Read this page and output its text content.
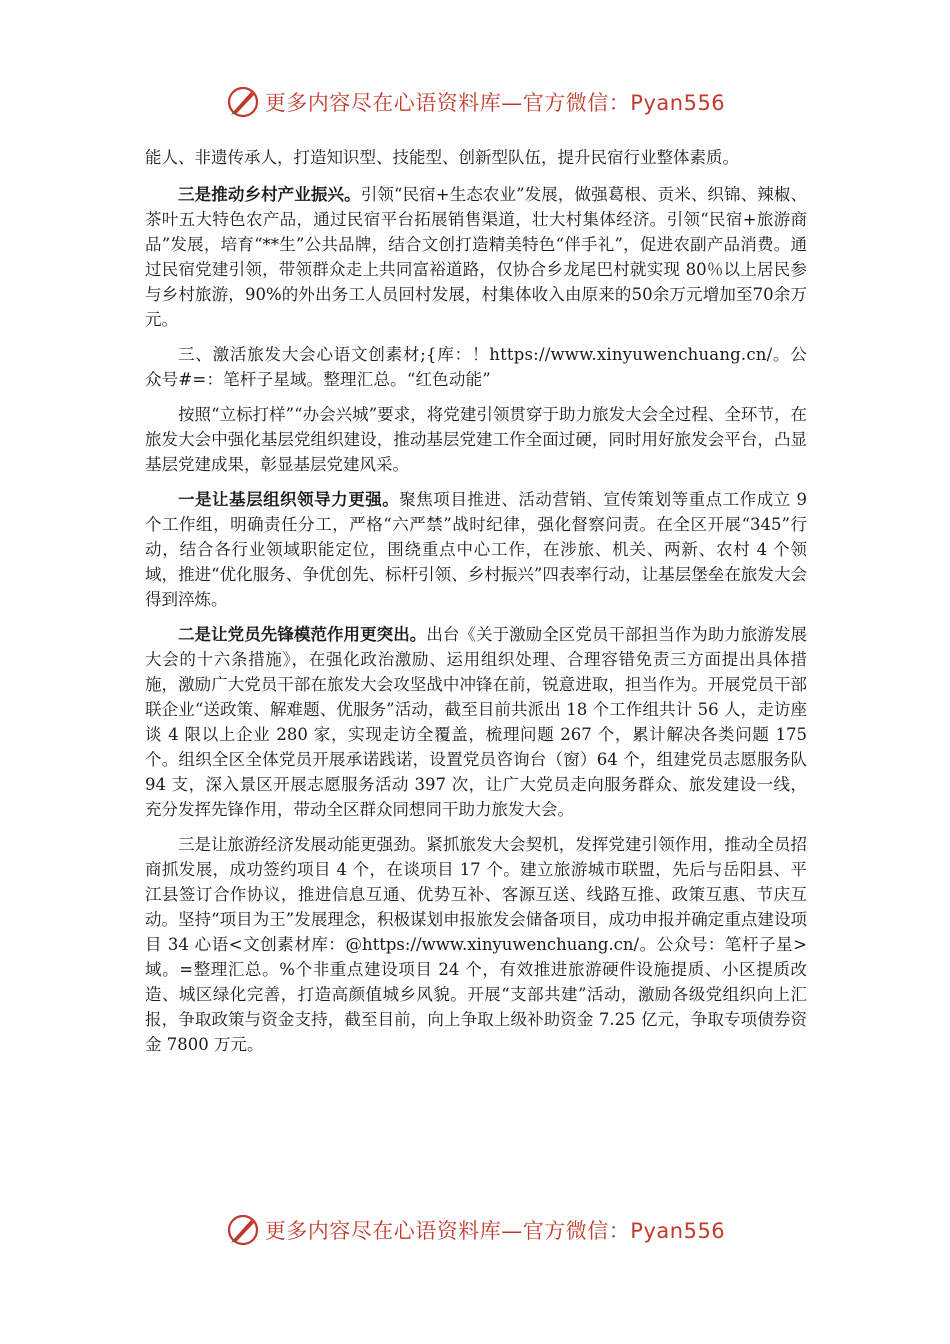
更多内容尽在心语资料库—官方微信：Pyan556

能人、非遗传承人，打造知识型、技能型、创新型队伍，提升民宿行业整体素质。

三是推动乡村产业振兴。引领“民宿+生态农业”发展，做强葛根、贡米、织锦、辣椒、茶叶五大特色农产品，通过民宿平台拓展销售渠道，壮大村集体经济。引领“民宿+旅游商品”发展，培育“**生”公共品牌，结合文创打造精美特色“伴手礼”，促进农副产品消费。通过民宿党建引领，带领群众走上共同富裕道路，仅协合乡龙尾巴村就实现 80％以上居民参与乡村旅游，90%的外出务工人员回村发展，村集体收入由原来的50余万元增加至70余万元。

三、激活旅发大会心语文创素材;{库：！https://www.xinyuwenchuang.cn/。公众号#=：笔杆子星域。整理汇总。“红色动能”

按照“立标打样”“办会兴城”要求，将党建引领贯穿于助力旅发大会全过程、全环节，在旅发大会中强化基层党组织建设，推动基层党建工作全面过硬，同时用好旅发会平台，凸显基层党建成果，彰显基层党建风采。

一是让基层组织领导力更强。聚焦项目推进、活动营销、宣传策划等重点工作成立 9 个工作组，明确责任分工，严格“六严禁”战时纪律，强化督察问责。在全区开展“345”行动，结合各行业领域职能定位，围绕重点中心工作，在涉旅、机关、两新、农村 4 个领域，推进“优化服务、争优创先、标杆引领、乡村振兴”四表率行动，让基层堡垒在旅发大会得到淬炼。

二是让党员先锋模范作用更突出。出台《关于激励全区党员干部担当作为助力旅游发展大会的十六条措施》，在强化政治激励、运用组织处理、合理容错免责三方面提出具体措施，激励广大党员干部在旅发大会攻坚战中冲锋在前，锐意进取，担当作为。开展党员干部联企业“送政策、解难题、优服务”活动，截至目前共派出 18 个工作组共计 56 人，走访座谈 4 限以上企业 280 家，实现走访全覆盖，梳理问题 267 个，累计解决各类问题 175 个。组织全区全体党员开展承诺践诺，设置党员咨询台（窗）64 个，组建党员志愿服务队 94 支，深入景区开展志愿服务活动 397 次，让广大党员走向服务群众、旅发建设一线，充分发挥先锋作用，带动全区群众同想同干助力旅发大会。

三是让旅游经济发展动能更强劲。紧抓旅发大会契机，发挥党建引领作用，推动全员招商抓发展，成功签约项目 4 个，在谈项目 17 个。建立旅游城市联盟，先后与岳阳县、平江县签订合作协议，推进信息互通、优势互补、客源互送、线路互推、政策互惠、节庆互动。坚持“项目为王”发展理念，积极谋划申报旅发会储备项目，成功申报并确定重点建设项目 34 心语<文创素材库：@https://www.xinyuwenchuang.cn/。公众号：笔杆子星>域。=整理汇总。%个非重点建设项目 24 个，有效推进旅游硬件设施提质、小区提质改造、城区绿化完善，打造高颜值城乡风貌。开展“支部共建”活动，激励各级党组织向上汇报，争取政策与资金支持，截至目前，向上争取上级补助资金 7.25 亿元，争取专项债券资金 7800 万元。

更多内容尽在心语资料库—官方微信：Pyan556
